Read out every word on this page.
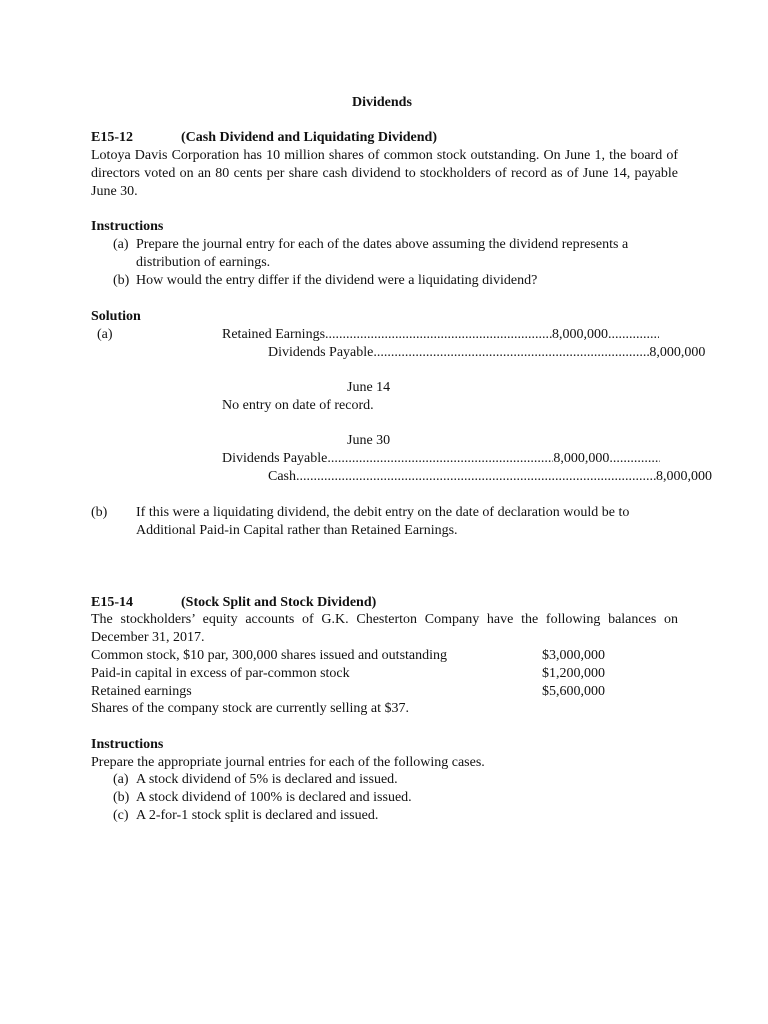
Dividends
E15-12	(Cash Dividend and Liquidating Dividend)
Lotoya Davis Corporation has 10 million shares of common stock outstanding. On June 1, the board of directors voted on an 80 cents per share cash dividend to stockholders of record as of June 14, payable June 30.
Instructions
(a) Prepare the journal entry for each of the dates above assuming the dividend represents a
distribution of earnings.
(b) How would the entry differ if the dividend were a liquidating dividend?
Solution
(a)	Retained Earnings .....	8,000,000
.....
Dividends Payable .....	8,000,000
June 14
No entry on date of record.
June 30
Dividends Payable .....	8,000,000
.....
Cash .....	8,000,000
(b) If this were a liquidating dividend, the debit entry on the date of declaration would be to
Additional Paid-in Capital rather than Retained Earnings.
E15-14	(Stock Split and Stock Dividend)
The stockholders’ equity accounts of G.K. Chesterton Company have the following balances on December 31, 2017.
Common stock, $10 par, 300,000 shares issued and outstanding	$3,000,000
Paid-in capital in excess of par-common stock	$1,200,000
Retained earnings	$5,600,000
Shares of the company stock are currently selling at $37.
Instructions
Prepare the appropriate journal entries for each of the following cases.
(a) A stock dividend of 5% is declared and issued.
(b) A stock dividend of 100% is declared and issued.
(c) A 2-for-1 stock split is declared and issued.
